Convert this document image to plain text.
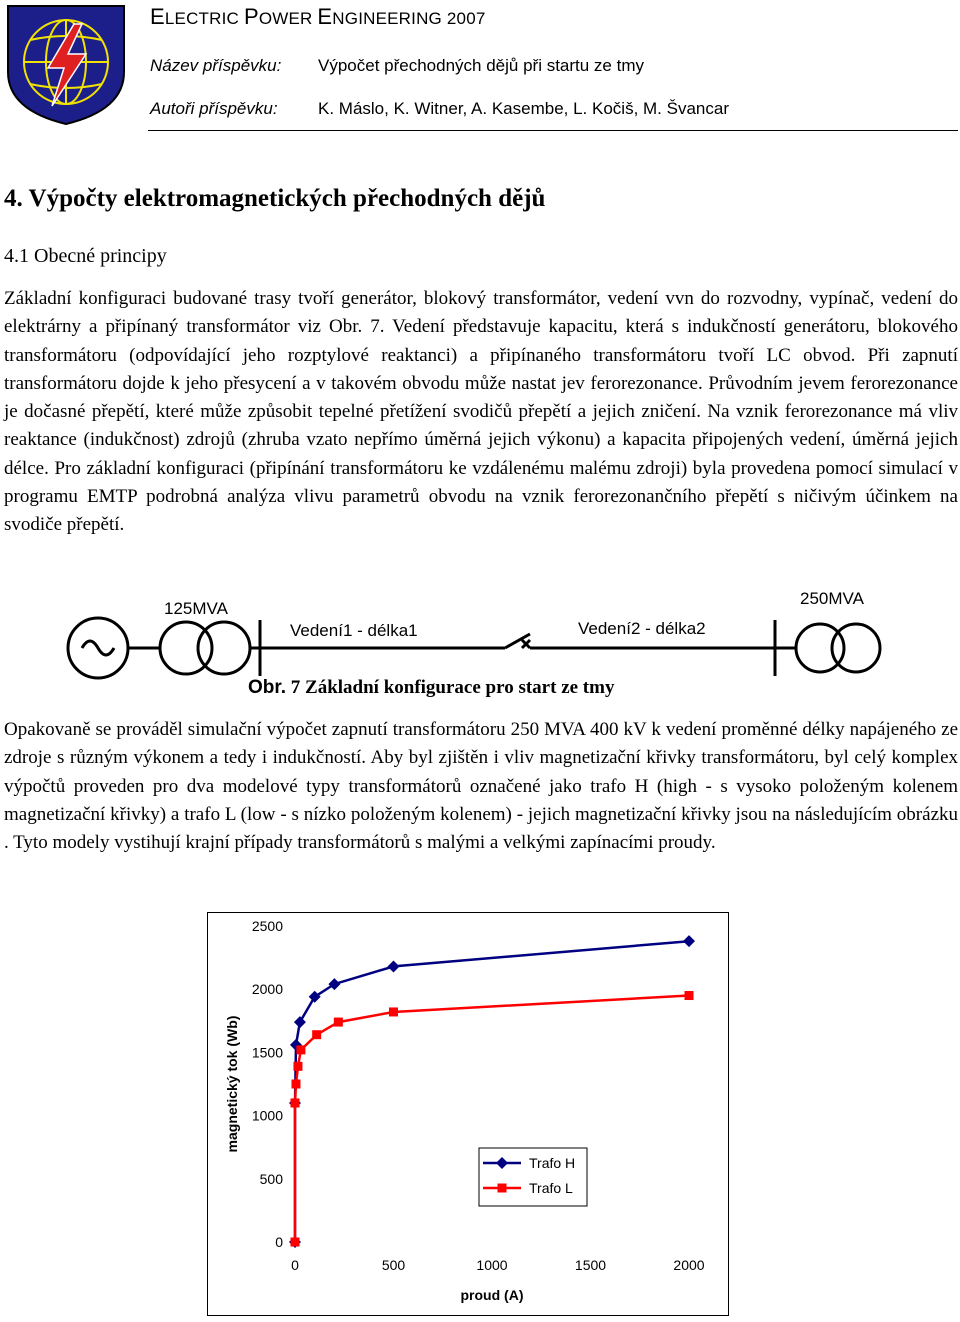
ELECTRIC POWER ENGINEERING 2007
Název příspěvku: Výpočet přechodných dějů při startu ze tmy
Autoři příspěvku: K. Máslo, K. Witner, A. Kasembe, L. Kočiš, M. Švancar
4. Výpočty elektromagnetických přechodných dějů
4.1 Obecné principy
Základní konfiguraci budované trasy tvoří generátor, blokový transformátor, vedení vvn do rozvodny, vypínač, vedení do elektrárny a připínaný transformátor viz Obr. 7. Vedení představuje kapacitu, která s indukčností generátoru, blokového transformátoru (odpovídající jeho rozptylové reaktanci) a připínaného transformátoru tvoří LC obvod. Při zapnutí transformátoru dojde k jeho přesycení a v takovém obvodu může nastat jev ferorezonance. Průvodním jevem ferorezonance je dočasné přepětí, které může způsobit tepelné přetížení svodičů přepětí a jejich zničení. Na vznik ferorezonance má vliv reaktance (indukčnost) zdrojů (zhruba vzato nepřímo úměrná jejich výkonu) a kapacita připojených vedení, úměrná jejich délce. Pro základní konfiguraci (připínání transformátoru ke vzdálenému malému zdroji) byla provedena pomocí simulací v programu EMTP podrobná analýza vlivu parametrů obvodu na vznik ferorezonančního přepětí s ničivým účinkem na svodiče přepětí.
125MVA
Vedení1 - délka1	Vedení2 - délka2
250MVA
Obr. 7 Základní konfigurace pro start ze tmy
Opakovaně se prováděl simulační výpočet zapnutí transformátoru 250 MVA 400 kV k vedení proměnné délky napájeného ze zdroje s různým výkonem a tedy i indukčností. Aby byl zjištěn i vliv magnetizační křivky transformátoru, byl celý komplex výpočtů proveden pro dva modelové typy transformátorů označené jako trafo H (high - s vysoko položeným kolenem magnetizační křivky) a trafo L (low - s nízko položeným kolenem) - jejich magnetizační křivky jsou na následujícím obrázku . Tyto modely vystihují krajní případy transformátorů s malými a velkými zapínacími proudy.
0
500
1000
1500
2000
2500
0	500	1000	1500	2000
proud (A)
magnetický tok (Wb)
Trafo H
Trafo L
